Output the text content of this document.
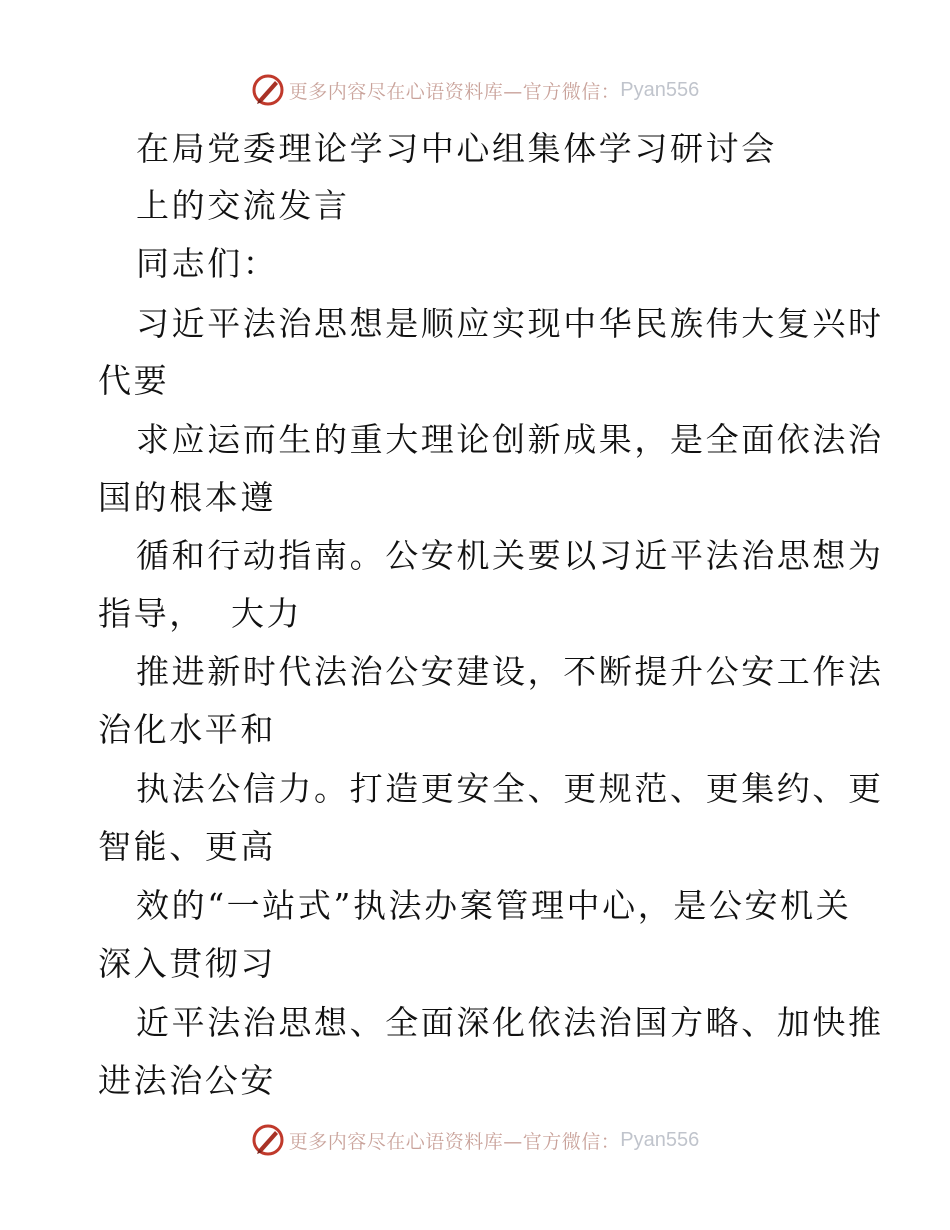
更多内容尽在心语资料库—官方微信： Pyan556
在局党委理论学习中心组集体学习研讨会
上的交流发言
同志们：
习近平法治思想是顺应实现中华民族伟大复兴时
代要
求应运而生的重大理论创新成果，是全面依法治
国的根本遵
循和行动指南。公安机关要以习近平法治思想为
指导，  大力
推进新时代法治公安建设，不断提升公安工作法
治化水平和
执法公信力。打造更安全、更规范、更集约、更
智能、更高
效的“一站式”执法办案管理中心，是公安机关
深入贯彻习
近平法治思想、全面深化依法治国方略、加快推
进法治公安
更多内容尽在心语资料库—官方微信： Pyan556
